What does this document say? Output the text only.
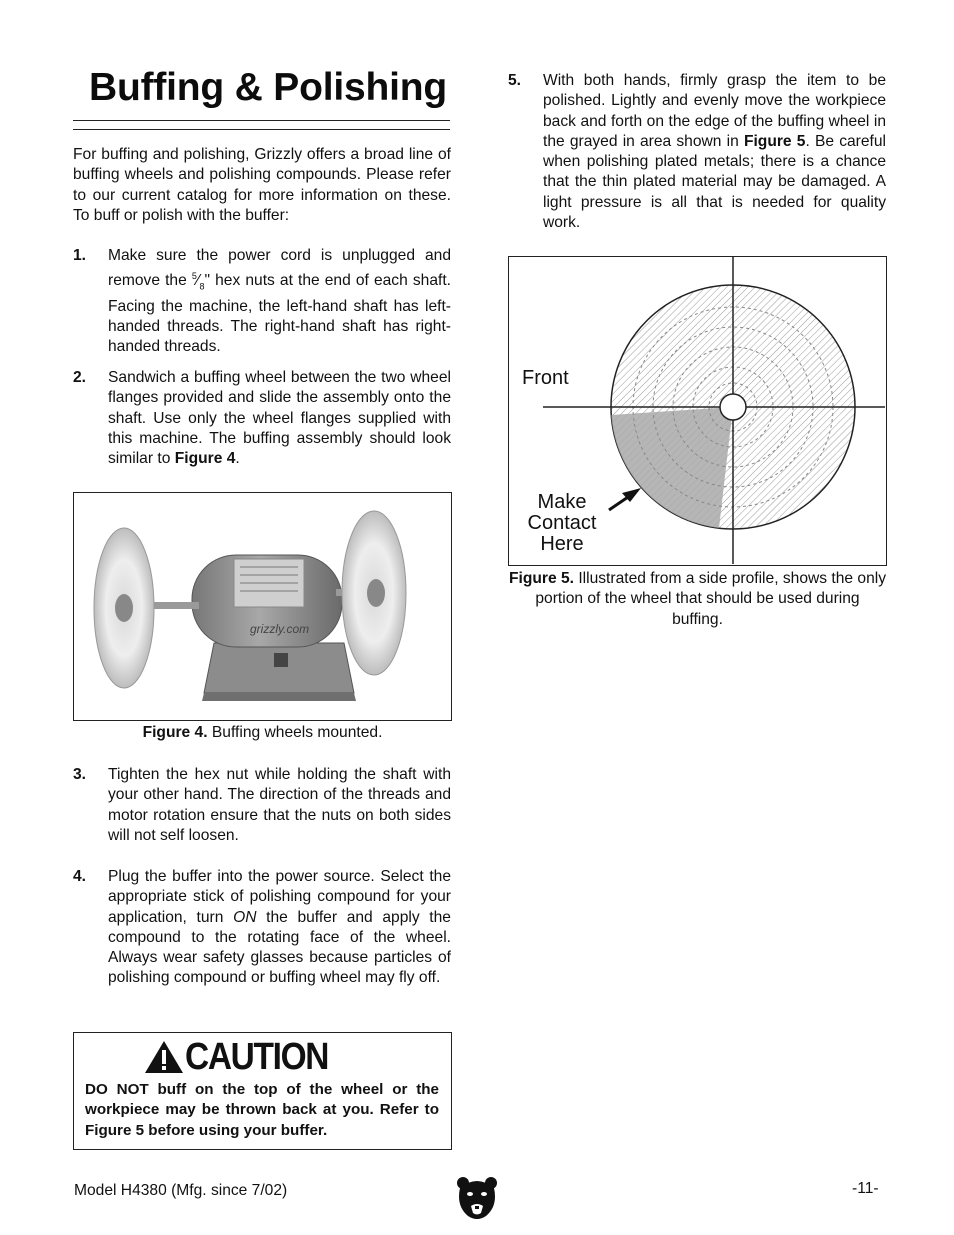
Buffing & Polishing
For buffing and polishing, Grizzly offers a broad line of buffing wheels and polishing compounds. Please refer to our current catalog for more information on these. To buff or polish with the buffer:
1. Make sure the power cord is unplugged and remove the $^5⁄_8$" hex nuts at the end of each shaft. Facing the machine, the left-hand shaft has left-handed threads. The right-hand shaft has right-handed threads.
2. Sandwich a buffing wheel between the two wheel flanges provided and slide the assembly onto the shaft. Use only the wheel flanges supplied with this machine. The buffing assembly should look similar to Figure 4.
grizzly.com
Figure 4. Buffing wheels mounted.
3. Tighten the hex nut while holding the shaft with your other hand. The direction of the threads and motor rotation ensure that the nuts on both sides will not self loosen.
4. Plug the buffer into the power source. Select the appropriate stick of polishing compound for your application, turn ON the buffer and apply the compound to the rotating face of the wheel. Always wear safety glasses because particles of polishing compound or buffing wheel may fly off.
CAUTION
DO NOT buff on the top of the wheel or the workpiece may be thrown back at you. Refer to Figure 5 before using your buffer.
5. With both hands, firmly grasp the item to be polished. Lightly and evenly move the workpiece back and forth on the edge of the buffing wheel in the grayed in area shown in Figure 5. Be careful when polishing plated metals; there is a chance that the thin plated material may be damaged. A light pressure is all that is needed for quality work.
Front
Make
Contact
Here
Figure 5. Illustrated from a side profile, shows the only portion of the wheel that should be used during buffing.
Model H4380 (Mfg. since 7/02)	-11-
